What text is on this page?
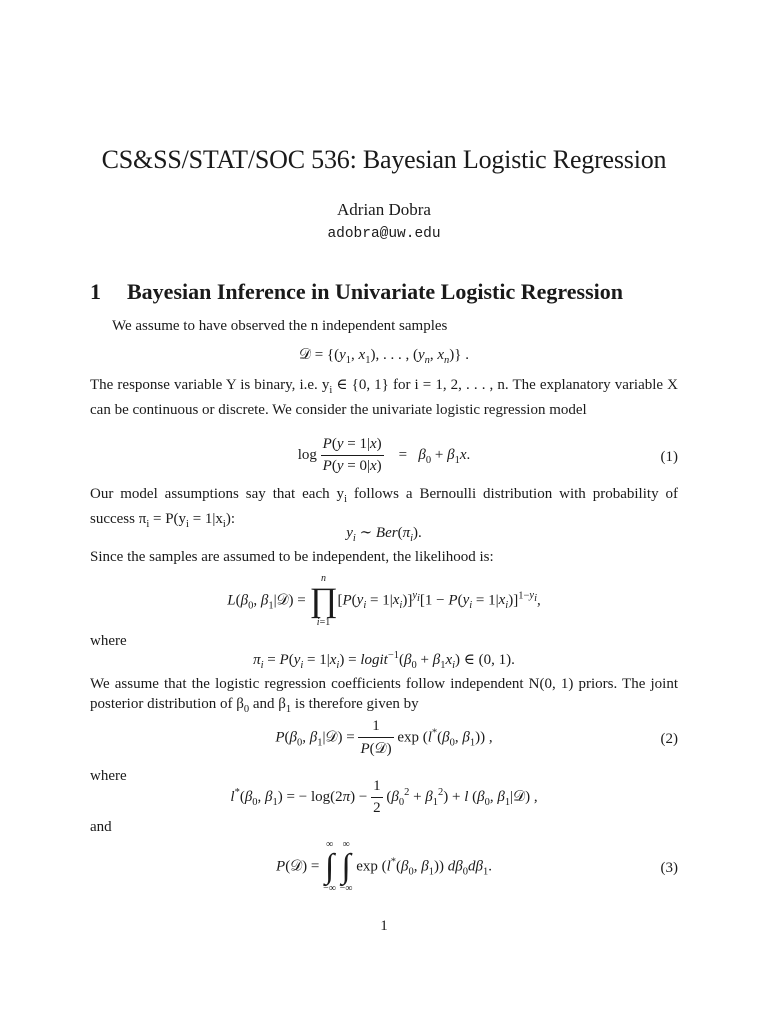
CS&SS/STAT/SOC 536: Bayesian Logistic Regression
Adrian Dobra
adobra@uw.edu
1 Bayesian Inference in Univariate Logistic Regression
We assume to have observed the n independent samples
𝒟 = {($y_1$, $x_1$), . . . , ($y_n$, $x_n$)} .
The response variable Y is binary, i.e. $y_i$ ∈ {0, 1} for i = 1, 2, . . . , n. The explanatory variable X can be continuous or discrete. We consider the univariate logistic regression model
$\log \frac{P(y = 1|x)}{P(y = 0|x)} = \beta_0 + \beta_1x$.	(1)
Our model assumptions say that each $y_i$ follows a Bernoulli distribution with probability of success $\pi_i = P(y_i = 1|x_i)$:
$y_i$ ∼ $Ber(\pi_i)$.
Since the samples are assumed to be independent, the likelihood is:
$L(\beta_0$, $\beta_1|𝒟$) =
n
∏
i=1
$[P(y_i = 1|x_i)]^{y_i}[1 - P(y_i = 1|x_i)]^{1-y_i}$,
where
$\pi_i = P(y_i = 1|x_i)$ = $logit^{-1}(\beta_0 + \beta_1x_i)$ ∈ (0, 1).
We assume that the logistic regression coefficients follow independent N(0, 1) priors. The joint posterior distribution of $\beta_0$ and $\beta_1$ is therefore given by
$P(\beta_0$, $\beta_1|𝒟) = \frac{1}{\text{P(𝒟)}}$ $\exp (l^*(\beta_0$, $\beta_1$)) ,	(2)
where
$l^*(\beta_0$, $\beta_1$) = − $\log(2\pi) - \frac{1}{2} (\beta_0^2 + \beta_1^2) + l$ ($\beta_0$, $\beta_1|𝒟$) ,
and
P(𝒟) =
∞
∫
−∞

∞
∫
−∞
$\exp (l^*(\beta_0$, $\beta_1$)) $d\beta_0d\beta_1$.	(3)
1
